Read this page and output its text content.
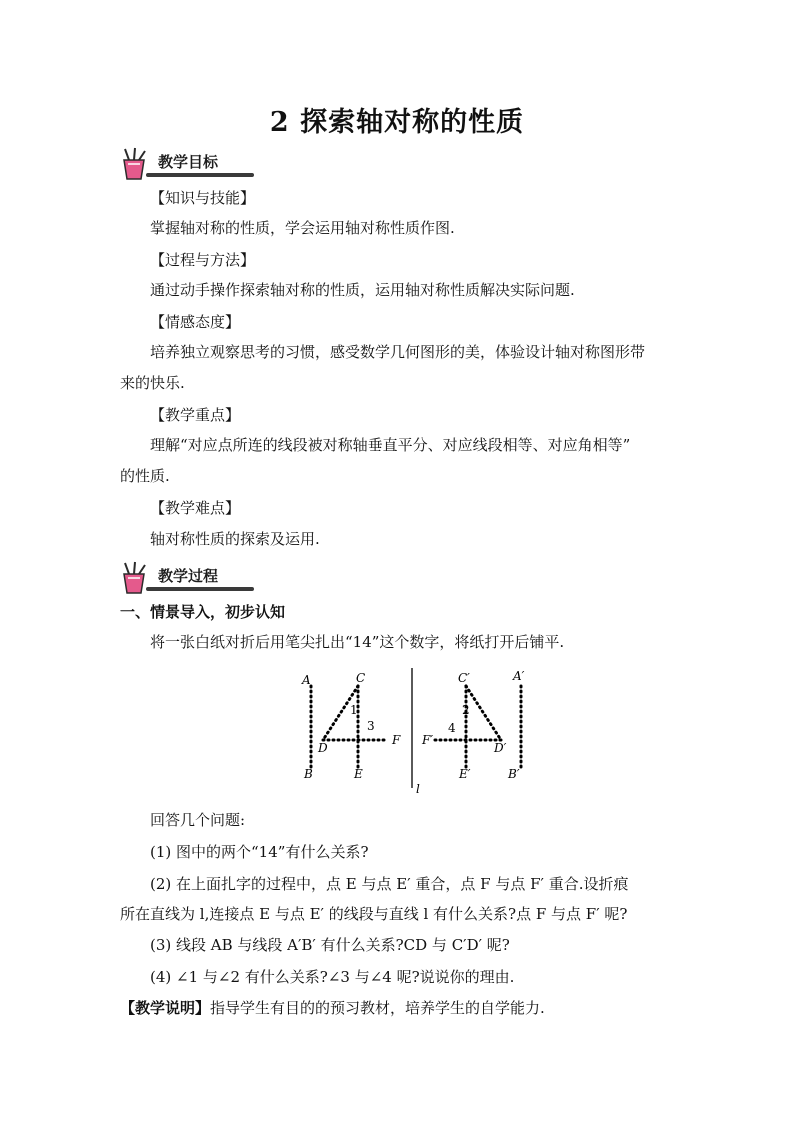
2 探索轴对称的性质
教学目标
【知识与技能】
掌握轴对称的性质，学会运用轴对称性质作图.
【过程与方法】
通过动手操作探索轴对称的性质，运用轴对称性质解决实际问题.
【情感态度】
培养独立观察思考的习惯，感受数学几何图形的美，体验设计轴对称图形带
来的快乐.
【教学重点】
理解“对应点所连的线段被对称轴垂直平分、对应线段相等、对应角相等”
的性质.
【教学难点】
轴对称性质的探索及运用.
教学过程
一、情景导入，初步认知
将一张白纸对折后用笔尖扎出“14”这个数字，将纸打开后铺平.
A
B
C
D
E
F
1
3
A′
B′
C′
D′
E′
F′
2
4
l
回答几个问题:
(1) 图中的两个“14”有什么关系?
(2) 在上面扎字的过程中，点 E 与点 E′ 重合，点 F 与点 F′ 重合.设折痕
所在直线为 l,连接点 E 与点 E′ 的线段与直线 l 有什么关系?点 F 与点 F′ 呢?
(3) 线段 AB 与线段 A′B′ 有什么关系?CD 与 C′D′ 呢?
(4) ∠1 与∠2 有什么关系?∠3 与∠4 呢?说说你的理由.
【教学说明】指导学生有目的的预习教材，培养学生的自学能力.
